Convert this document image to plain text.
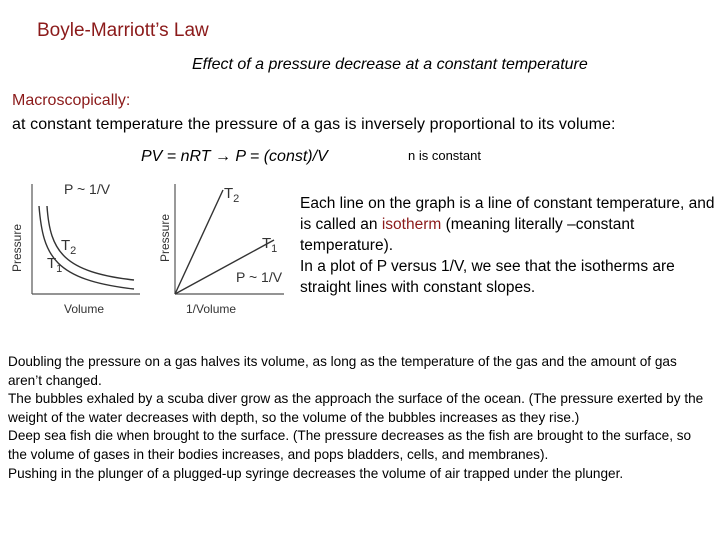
Boyle-Marriott’s Law
Effect of a pressure decrease at a constant temperature
Macroscopically:
at constant temperature the pressure of a gas is inversely proportional to its volume:
PV = nRT → P = (const)/V	n is constant
Pressure
Volume
P ~ 1/V
$T_2$
$T_1$
Pressure
1/Volume
$T_2$
$T_1$
P ~ 1/V

Each line on the graph is a line of constant temperature, and is called an isotherm (meaning literally –constant temperature).

In a plot of P versus 1/V, we see that the isotherms are straight lines with constant slopes.

Doubling the pressure on a gas halves its volume, as long as the temperature of the gas and the amount of gas aren’t changed.

The bubbles exhaled by a scuba diver grow as the approach the surface of the ocean. (The pressure exerted by the weight of the water decreases with depth, so the volume of the bubbles increases as they rise.)

Deep sea fish die when brought to the surface. (The pressure decreases as the fish are brought to the surface, so the volume of gases in their bodies increases, and pops bladders, cells, and membranes).

Pushing in the plunger of a plugged-up syringe decreases the volume of air trapped under the plunger.
